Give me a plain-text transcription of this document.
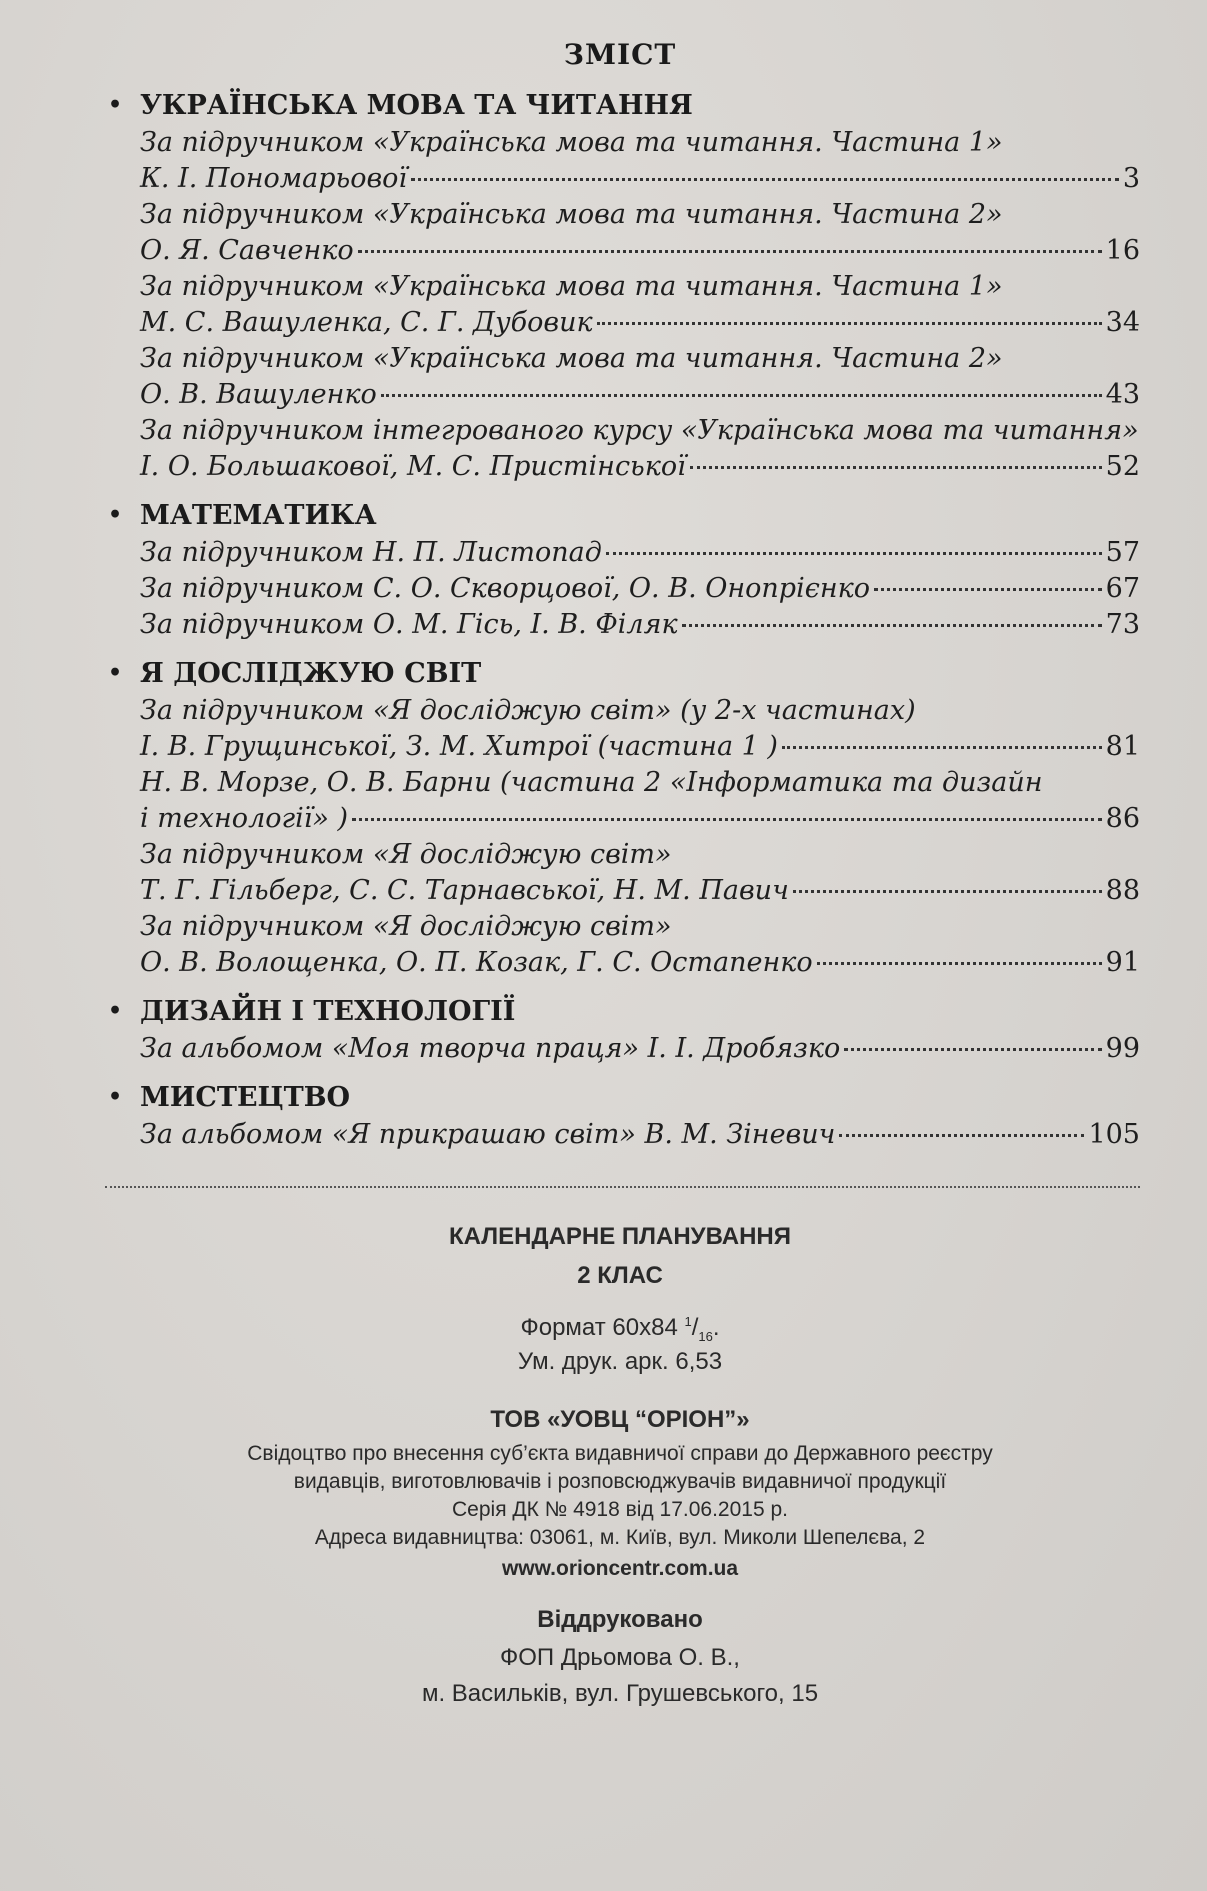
ЗМІСТ
• УКРАЇНСЬКА МОВА ТА ЧИТАННЯ
За підручником «Українська мова та читання. Частина 1»
К. І. Пономарьової	3
За підручником «Українська мова та читання. Частина 2»
О. Я. Савченко	16
За підручником «Українська мова та читання. Частина 1»
М. С. Вашуленка, С. Г. Дубовик	34
За підручником «Українська мова та читання. Частина 2»
О. В. Вашуленко	43
За підручником інтегрованого курсу «Українська мова та читання»
І. О. Большакової, М. С. Пристінської	52
• МАТЕМАТИКА
За підручником Н. П. Листопад	57
За підручником С. О. Скворцової, О. В. Онопрієнко	67
За підручником О. М. Гісь, І. В. Філяк	73
• Я ДОСЛІДЖУЮ СВІТ
За підручником «Я досліджую світ» (у 2-х частинах)
І. В. Грущинської, З. М. Хитрої (частина 1 )	81
Н. В. Морзе, О. В. Барни (частина 2 «Інформатика та дизайн
і технології» )	86
За підручником «Я досліджую світ»
Т. Г. Гільберг, С. С. Тарнавської, Н. М. Павич	88
За підручником «Я досліджую світ»
О. В. Волощенка, О. П. Козак, Г. С. Остапенко	91
• ДИЗАЙН І ТЕХНОЛОГІЇ
За альбомом «Моя творча праця» І. І. Дробязко	99
• МИСТЕЦТВО
За альбомом «Я прикрашаю світ» В. М. Зіневич	105
КАЛЕНДАРНЕ ПЛАНУВАННЯ
2 КЛАС
Формат 60х84 $^1/_{16}$.
Ум. друк. арк. 6,53
ТОВ «УОВЦ “ОРІОН”»
Свідоцтво про внесення суб’єкта видавничої справи до Державного реєстру
видавців, виготовлювачів і розповсюджувачів видавничої продукції
Серія ДК № 4918 від 17.06.2015 р.
Адреса видавництва: 03061, м. Київ, вул. Миколи Шепелєва, 2
www.orioncentr.com.ua
Віддруковано
ФОП Дрьомова О. В.,
м. Васильків, вул. Грушевського, 15
